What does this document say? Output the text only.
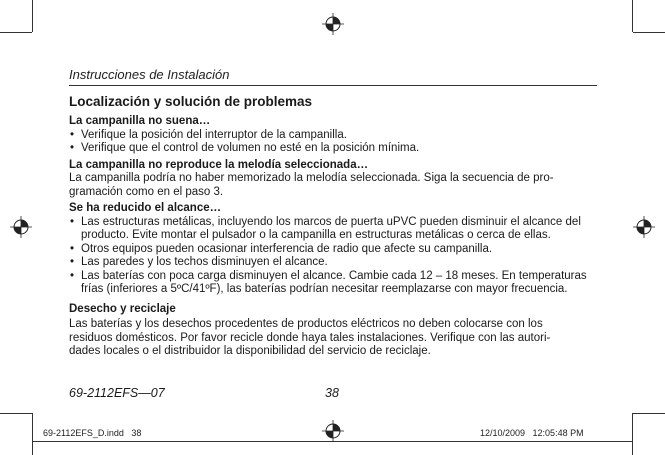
Instrucciones de Instalación
Localización y solución de problemas
La campanilla no suena…
• Verifique la posición del interruptor de la campanilla.
• Verifique que el control de volumen no esté en la posición mínima.
La campanilla no reproduce la melodía seleccionada…
La campanilla podría no haber memorizado la melodía seleccionada. Siga la secuencia de pro-
gramación como en el paso 3.
Se ha reducido el alcance…
• Las estructuras metálicas, incluyendo los marcos de puerta uPVC pueden disminuir el alcance del producto. Evite montar el pulsador o la campanilla en estructuras metálicas o cerca de ellas.
• Otros equipos pueden ocasionar interferencia de radio que afecte su campanilla.
• Las paredes y los techos disminuyen el alcance.
• Las baterías con poca carga disminuyen el alcance. Cambie cada 12 – 18 meses. En temperaturas frías (inferiores a 5ºC/41ºF), las baterías podrían necesitar reemplazarse con mayor frecuencia.
Desecho y reciclaje
Las baterías y los desechos procedentes de productos eléctricos no deben colocarse con los
residuos domésticos. Por favor recicle donde haya tales instalaciones. Verifique con las autori-
dades locales o el distribuidor la disponibilidad del servicio de reciclaje.
69-2112EFS—07	38
69-2112EFS_D.indd   38	12/10/2009   12:05:48 PM
